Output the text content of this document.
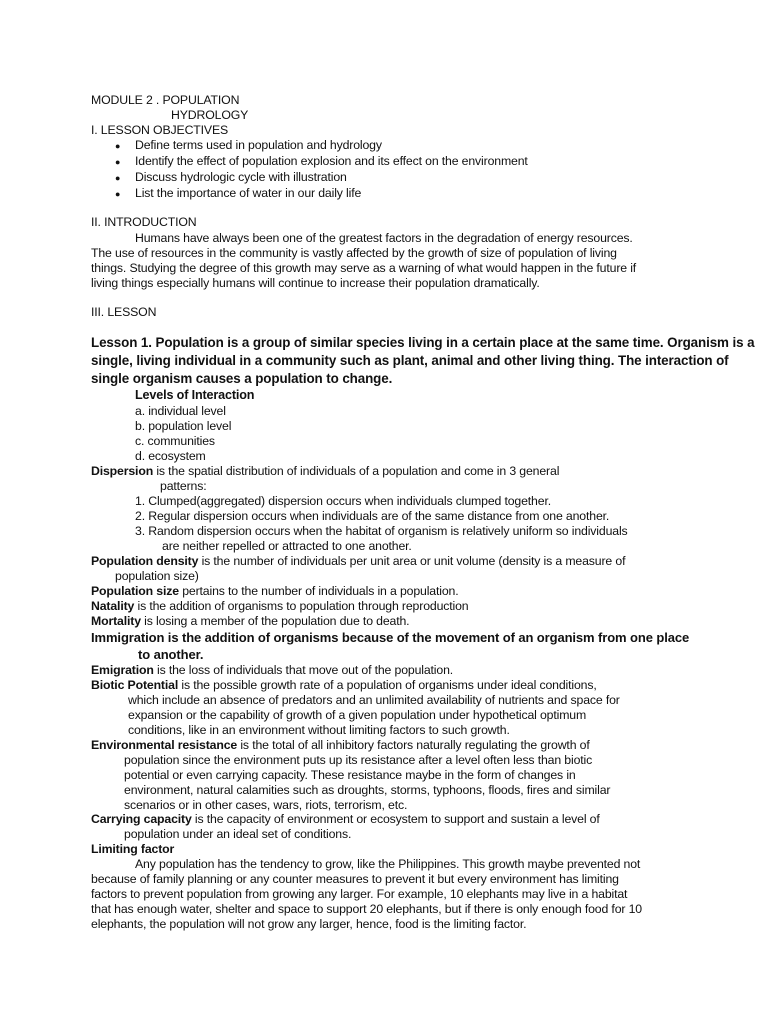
MODULE 2 . POPULATION
HYDROLOGY
I. LESSON OBJECTIVES
● Define terms used in population and hydrology
● Identify the effect of population explosion and its effect on the environment
● Discuss hydrologic cycle with illustration
● List the importance of water in our daily life
II. INTRODUCTION
Humans have always been one of the greatest factors in the degradation of energy resources.
The use of resources in the community is vastly affected by the growth of size of population of living
things. Studying the degree of this growth may serve as a warning of what would happen in the future if
living things especially humans will continue to increase their population dramatically.
III. LESSON
Lesson 1. Population is a group of similar species living in a certain place at the same time. Organism is a
single, living individual in a community such as plant, animal and other living thing. The interaction of
single organism causes a population to change.
Levels of Interaction
a. individual level
b. population level
c. communities
d. ecosystem
Dispersion is the spatial distribution of individuals of a population and come in 3 general
patterns:
1. Clumped(aggregated) dispersion occurs when individuals clumped together.
2. Regular dispersion occurs when individuals are of the same distance from one another.
3. Random dispersion occurs when the habitat of organism is relatively uniform so individuals
are neither repelled or attracted to one another.
Population density is the number of individuals per unit area or unit volume (density is a measure of
population size)
Population size pertains to the number of individuals in a population.
Natality is the addition of organisms to population through reproduction
Mortality is losing a member of the population due to death.
Immigration is the addition of organisms because of the movement of an organism from one place
to another.
Emigration is the loss of individuals that move out of the population.
Biotic Potential is the possible growth rate of a population of organisms under ideal conditions,
which include an absence of predators and an unlimited availability of nutrients and space for
expansion or the capability of growth of a given population under hypothetical optimum
conditions, like in an environment without limiting factors to such growth.
Environmental resistance is the total of all inhibitory factors naturally regulating the growth of
population since the environment puts up its resistance after a level often less than biotic
potential or even carrying capacity. These resistance maybe in the form of changes in
environment, natural calamities such as droughts, storms, typhoons, floods, fires and similar
scenarios or in other cases, wars, riots, terrorism, etc.
Carrying capacity is the capacity of environment or ecosystem to support and sustain a level of
population under an ideal set of conditions.
Limiting factor
Any population has the tendency to grow, like the Philippines. This growth maybe prevented not
because of family planning or any counter measures to prevent it but every environment has limiting
factors to prevent population from growing any larger. For example, 10 elephants may live in a habitat
that has enough water, shelter and space to support 20 elephants, but if there is only enough food for 10
elephants, the population will not grow any larger, hence, food is the limiting factor.
